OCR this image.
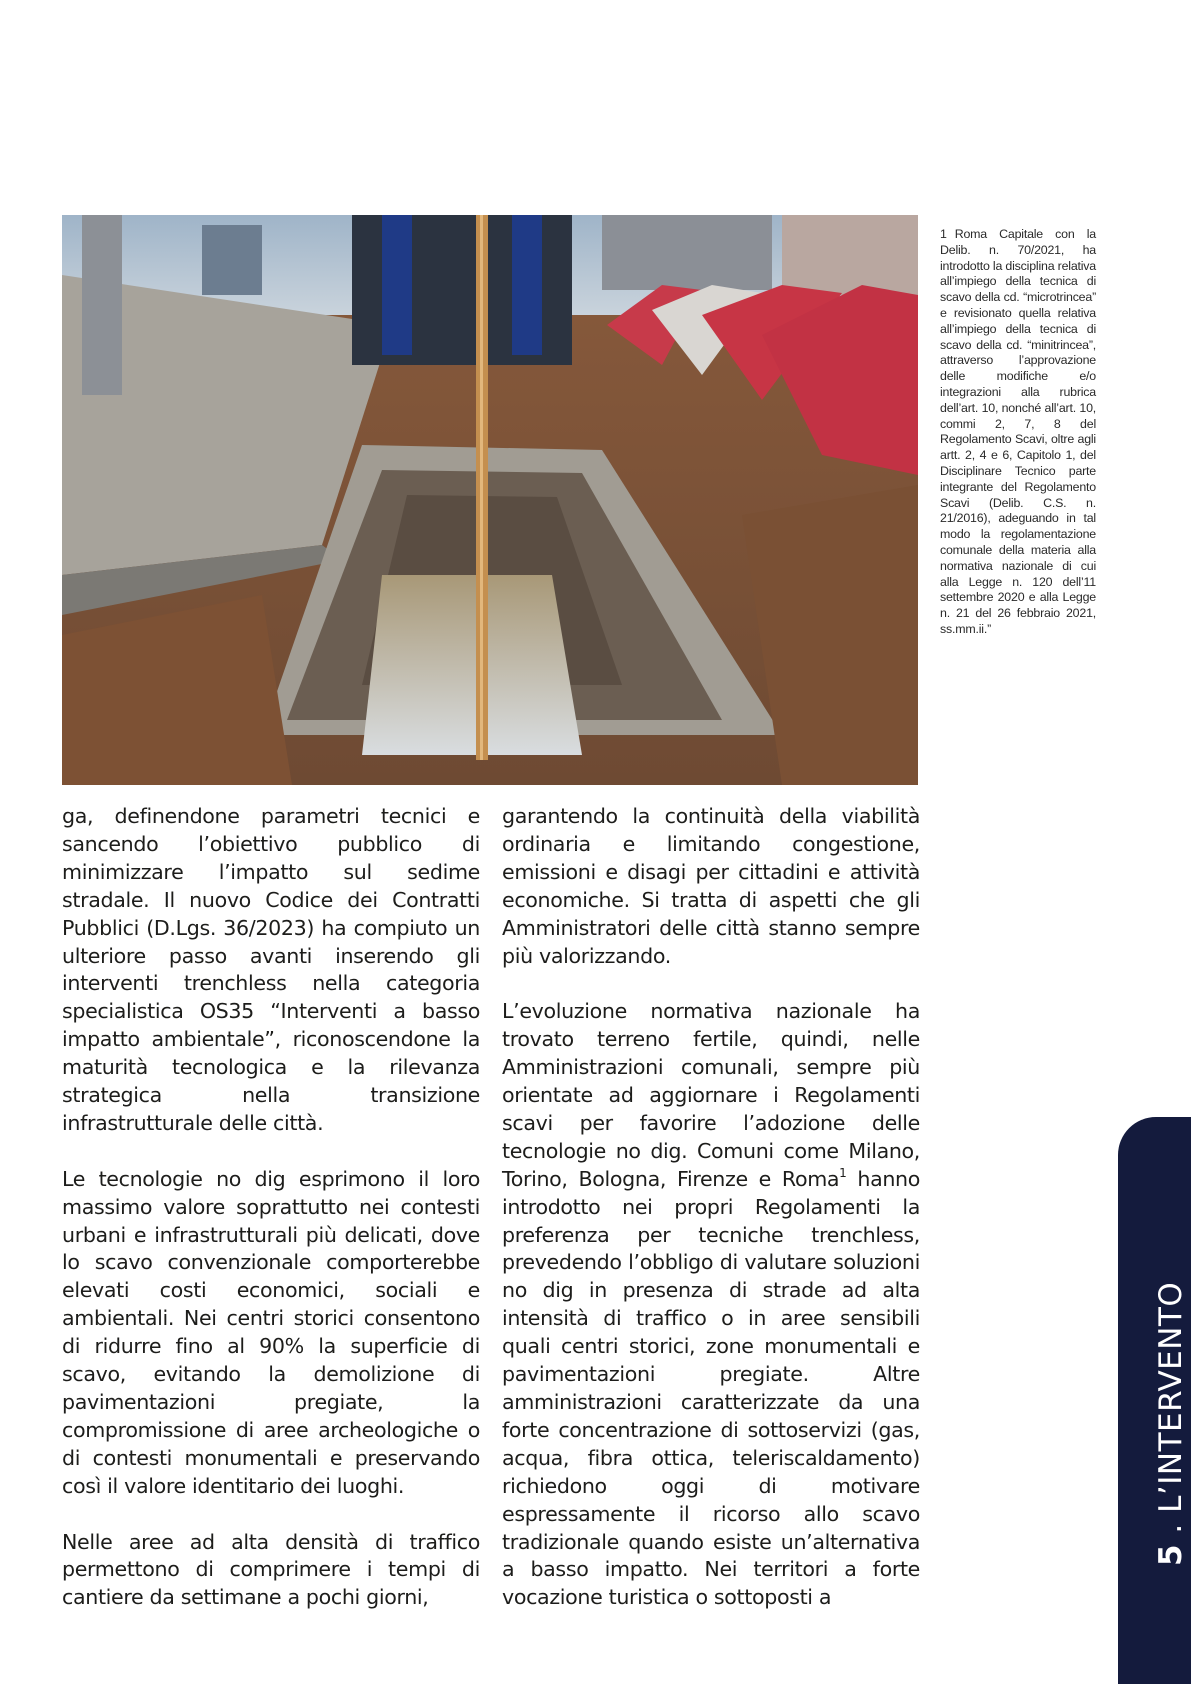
1 Roma Capitale con la Delib. n. 70/2021, ha introdotto la disciplina relativa all’impiego della tecnica di scavo della cd. “microtrincea” e revisionato quella relativa all’impiego della tecnica di scavo della cd. “minitrincea”, attraverso l’approvazione delle modifiche e/o integrazioni alla rubrica dell’art. 10, nonché all’art. 10, commi 2, 7, 8 del Regolamento Scavi, oltre agli artt. 2, 4 e 6, Capitolo 1, del Disciplinare Tecnico parte integrante del Regolamento Scavi (Delib. C.S. n. 21/2016), adeguando in tal modo la regolamentazione comunale della materia alla normativa nazionale di cui alla Legge n. 120 dell’11 settembre 2020 e alla Legge n. 21 del 26 febbraio 2021, ss.mm.ii.”

ga, definendone parametri tecnici e sancendo l’obiettivo pubblico di minimizzare l’impatto sul sedime stradale. Il nuovo Codice dei Contratti Pubblici (D.Lgs. 36/2023) ha compiuto un ulteriore passo avanti inserendo gli interventi trenchless nella categoria specialistica OS35 “Interventi a basso impatto ambientale”, riconoscendone la maturità tecnologica e la rilevanza strategica nella transizione infrastrutturale delle città.

Le tecnologie no dig esprimono il loro massimo valore soprattutto nei contesti urbani e infrastrutturali più delicati, dove lo scavo convenzionale comporterebbe elevati costi economici, sociali e ambientali. Nei centri storici consentono di ridurre fino al 90% la superficie di scavo, evitando la demolizione di pavimentazioni pregiate, la compromissione di aree archeologiche o di contesti monumentali e preservando così il valore identitario dei luoghi.

Nelle aree ad alta densità di traffico permettono di comprimere i tempi di cantiere da settimane a pochi giorni,

garantendo la continuità della viabilità ordinaria e limitando congestione, emissioni e disagi per cittadini e attività economiche. Si tratta di aspetti che gli Amministratori delle città stanno sempre più valorizzando.

L’evoluzione normativa nazionale ha trovato terreno fertile, quindi, nelle Amministrazioni comunali, sempre più orientate ad aggiornare i Regolamenti scavi per favorire l’adozione delle tecnologie no dig. Comuni come Milano, Torino, Bologna, Firenze e Roma$^1$ hanno introdotto nei propri Regolamenti la preferenza per tecniche trenchless, prevedendo l’obbligo di valutare soluzioni no dig in presenza di strade ad alta intensità di traffico o in aree sensibili quali centri storici, zone monumentali e pavimentazioni pregiate. Altre amministrazioni caratterizzate da una forte concentrazione di sottoservizi (gas, acqua, fibra ottica, teleriscaldamento) richiedono oggi di motivare espressamente il ricorso allo scavo tradizionale quando esiste un’alternativa a basso impatto. Nei territori a forte vocazione turistica o sottoposti a

5 . L’INTERVENTO
